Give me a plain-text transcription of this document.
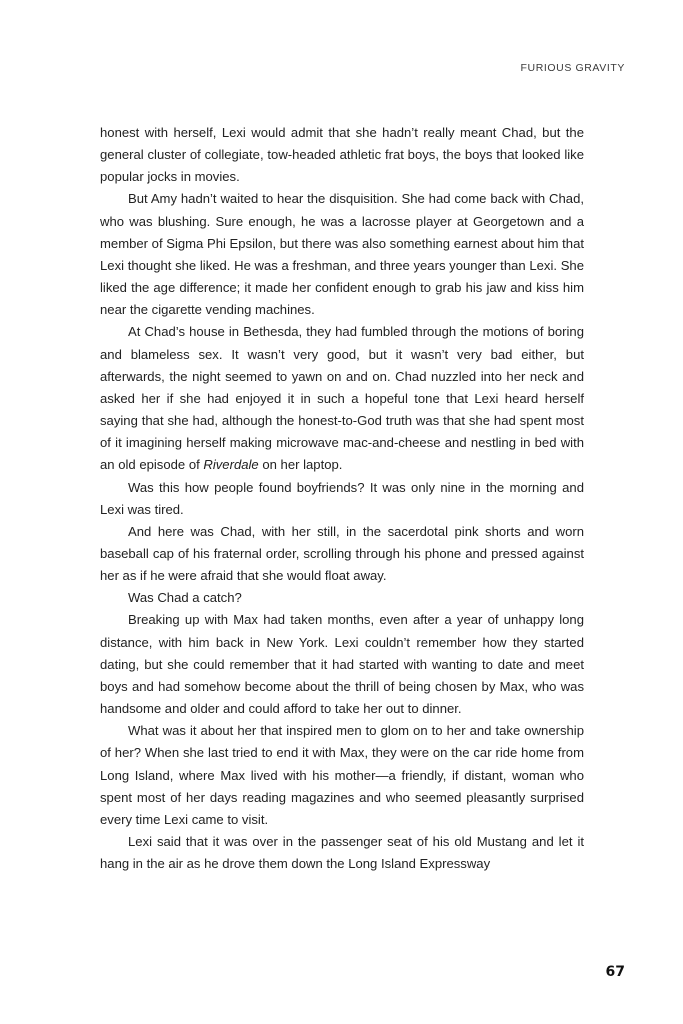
FURIOUS GRAVITY

honest with herself, Lexi would admit that she hadn’t really meant Chad, but the general cluster of collegiate, tow-headed athletic frat boys, the boys that looked like popular jocks in movies.

But Amy hadn’t waited to hear the disquisition. She had come back with Chad, who was blushing. Sure enough, he was a lacrosse player at Georgetown and a member of Sigma Phi Epsilon, but there was also something earnest about him that Lexi thought she liked. He was a freshman, and three years younger than Lexi. She liked the age difference; it made her confident enough to grab his jaw and kiss him near the cigarette vending machines.

At Chad’s house in Bethesda, they had fumbled through the motions of boring and blameless sex. It wasn’t very good, but it wasn’t very bad either, but afterwards, the night seemed to yawn on and on. Chad nuzzled into her neck and asked her if she had enjoyed it in such a hopeful tone that Lexi heard herself saying that she had, although the honest-to-God truth was that she had spent most of it imagining herself making microwave mac-and-cheese and nestling in bed with an old episode of Riverdale on her laptop.

Was this how people found boyfriends? It was only nine in the morning and Lexi was tired.

And here was Chad, with her still, in the sacerdotal pink shorts and worn baseball cap of his fraternal order, scrolling through his phone and pressed against her as if he were afraid that she would float away.

Was Chad a catch?

Breaking up with Max had taken months, even after a year of unhappy long distance, with him back in New York. Lexi couldn’t remember how they started dating, but she could remember that it had started with wanting to date and meet boys and had somehow become about the thrill of being chosen by Max, who was handsome and older and could afford to take her out to dinner.

What was it about her that inspired men to glom on to her and take ownership of her? When she last tried to end it with Max, they were on the car ride home from Long Island, where Max lived with his mother—a friendly, if distant, woman who spent most of her days reading magazines and who seemed pleasantly surprised every time Lexi came to visit.

Lexi said that it was over in the passenger seat of his old Mustang and let it hang in the air as he drove them down the Long Island Expressway

67
